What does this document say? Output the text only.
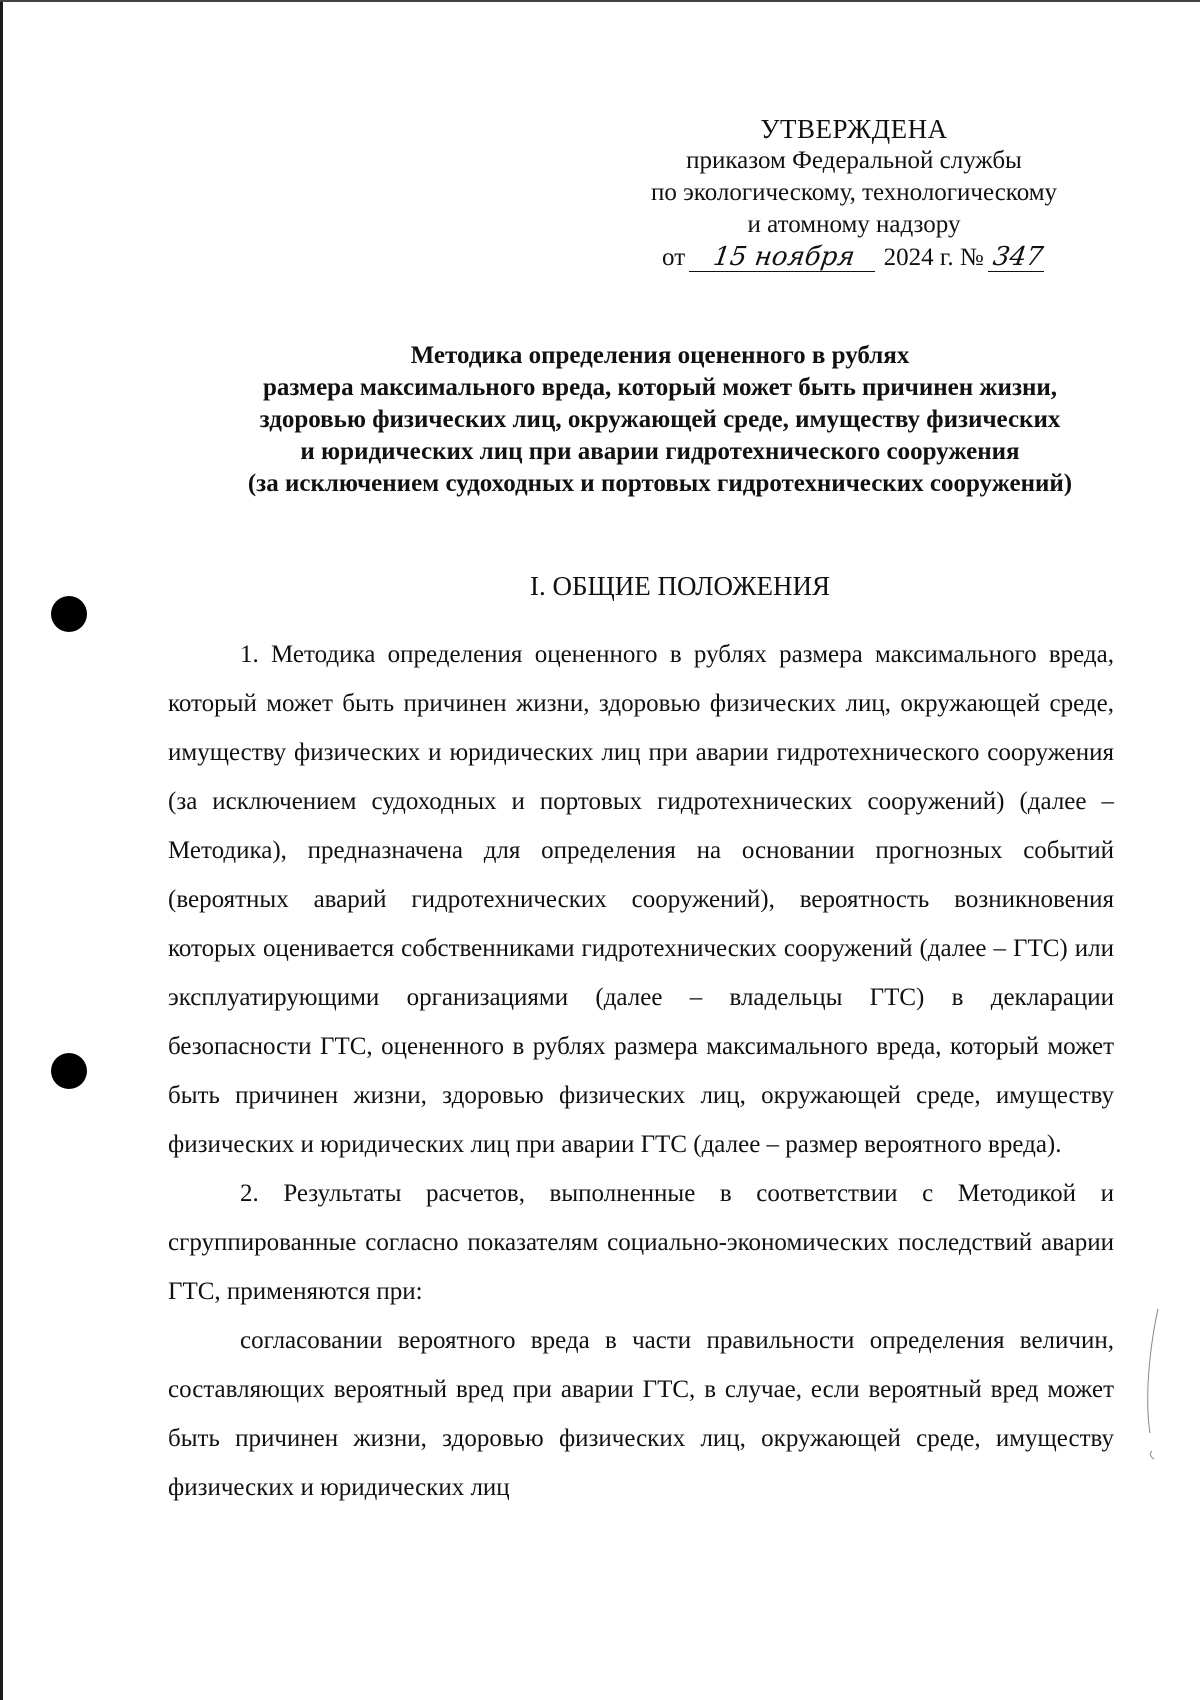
УТВЕРЖДЕНА
приказом Федеральной службы
по экологическому, технологическому
и атомному надзору
от 15 ноября 2024 г. № 347
Методика определения оцененного в рублях
размера максимального вреда, который может быть причинен жизни,
здоровью физических лиц, окружающей среде, имуществу физических
и юридических лиц при аварии гидротехнического сооружения
(за исключением судоходных и портовых гидротехнических сооружений)
I. ОБЩИЕ ПОЛОЖЕНИЯ

1. Методика определения оцененного в рублях размера максимального вреда, который может быть причинен жизни, здоровью физических лиц, окружающей среде, имуществу физических и юридических лиц при аварии гидротехнического сооружения (за исключением судоходных и портовых гидротехнических сооружений) (далее – Методика), предназначена для определения на основании прогнозных событий (вероятных аварий гидротехнических сооружений), вероятность возникновения которых оценивается собственниками гидротехнических сооружений (далее – ГТС) или эксплуатирующими организациями (далее – владельцы ГТС) в декларации безопасности ГТС, оцененного в рублях размера максимального вреда, который может быть причинен жизни, здоровью физических лиц, окружающей среде, имуществу физических и юридических лиц при аварии ГТС (далее – размер вероятного вреда).

2. Результаты расчетов, выполненные в соответствии с Методикой и сгруппированные согласно показателям социально-экономических последствий аварии ГТС, применяются при:

согласовании вероятного вреда в части правильности определения величин, составляющих вероятный вред при аварии ГТС, в случае, если вероятный вред может быть причинен жизни, здоровью физических лиц, окружающей среде, имуществу физических и юридических лиц
